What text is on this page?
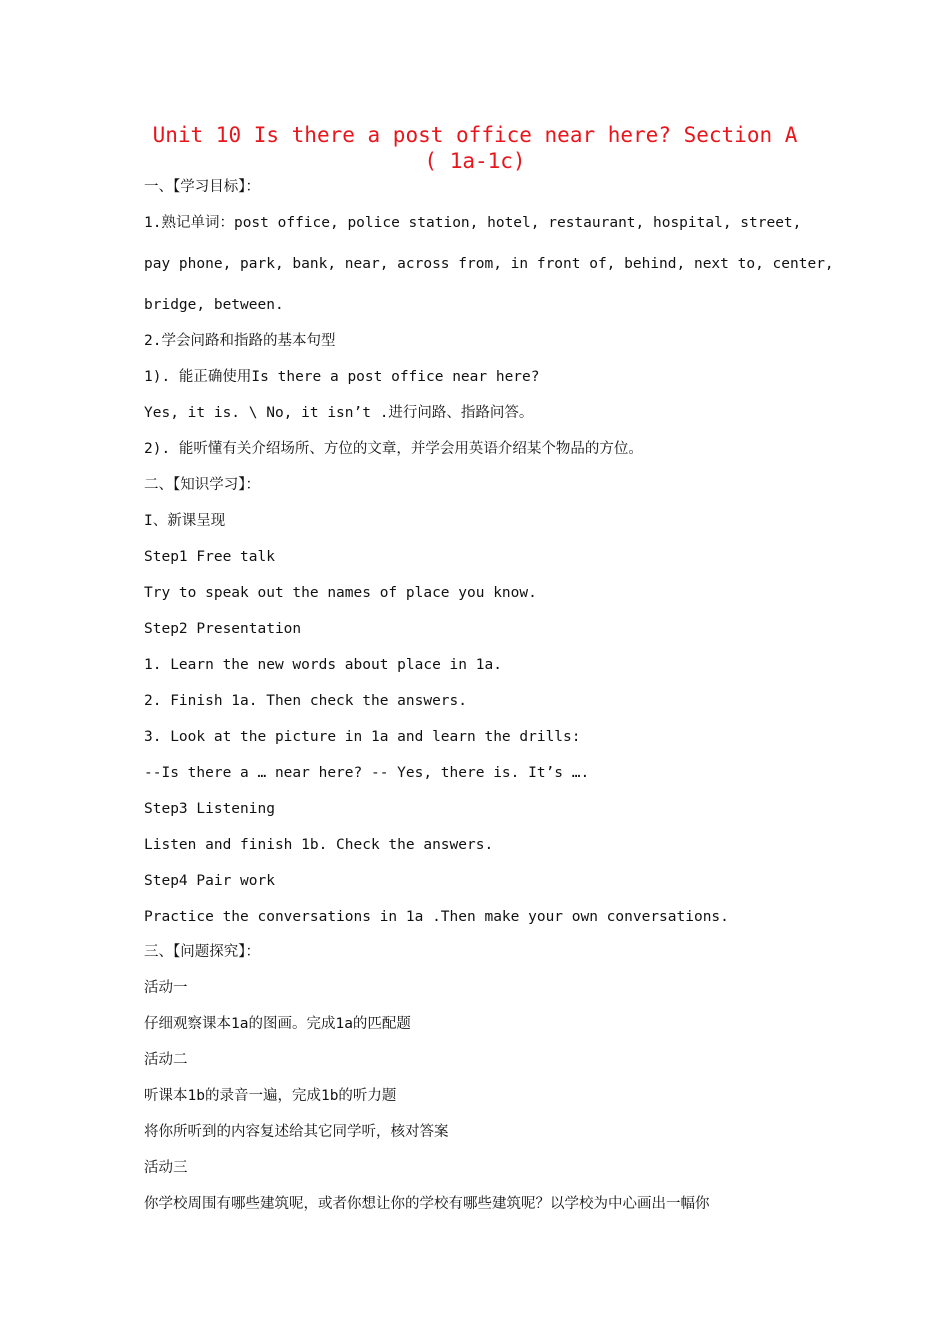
Unit 10 Is there a post office near here? Section A ( 1a-1c)
一、【学习目标】：
1.熟记单词：post office, police station, hotel, restaurant, hospital, street,
pay phone, park, bank, near, across from, in front of, behind, next to, center,
bridge, between.
2.学会问路和指路的基本句型
1). 能正确使用Is there a post office near here?
Yes, it is. \ No, it isn’t .进行问路、指路问答。
2). 能听懂有关介绍场所、方位的文章，并学会用英语介绍某个物品的方位。
二、【知识学习】：
I、新课呈现
Step1 Free talk
Try to speak out the names of place you know.
Step2 Presentation
1. Learn the new words about place in 1a.
2. Finish 1a. Then check the answers.
3. Look at the picture in 1a and learn the drills:
--Is there a … near here? -- Yes, there is. It’s ….
Step3 Listening
Listen and finish 1b. Check the answers.
Step4 Pair work
Practice the conversations in 1a .Then make your own conversations.
三、【问题探究】：
活动一
仔细观察课本1a的图画。完成1a的匹配题
活动二
听课本1b的录音一遍，完成1b的听力题
将你所听到的内容复述给其它同学听，核对答案
活动三
你学校周围有哪些建筑呢，或者你想让你的学校有哪些建筑呢？以学校为中心画出一幅你
